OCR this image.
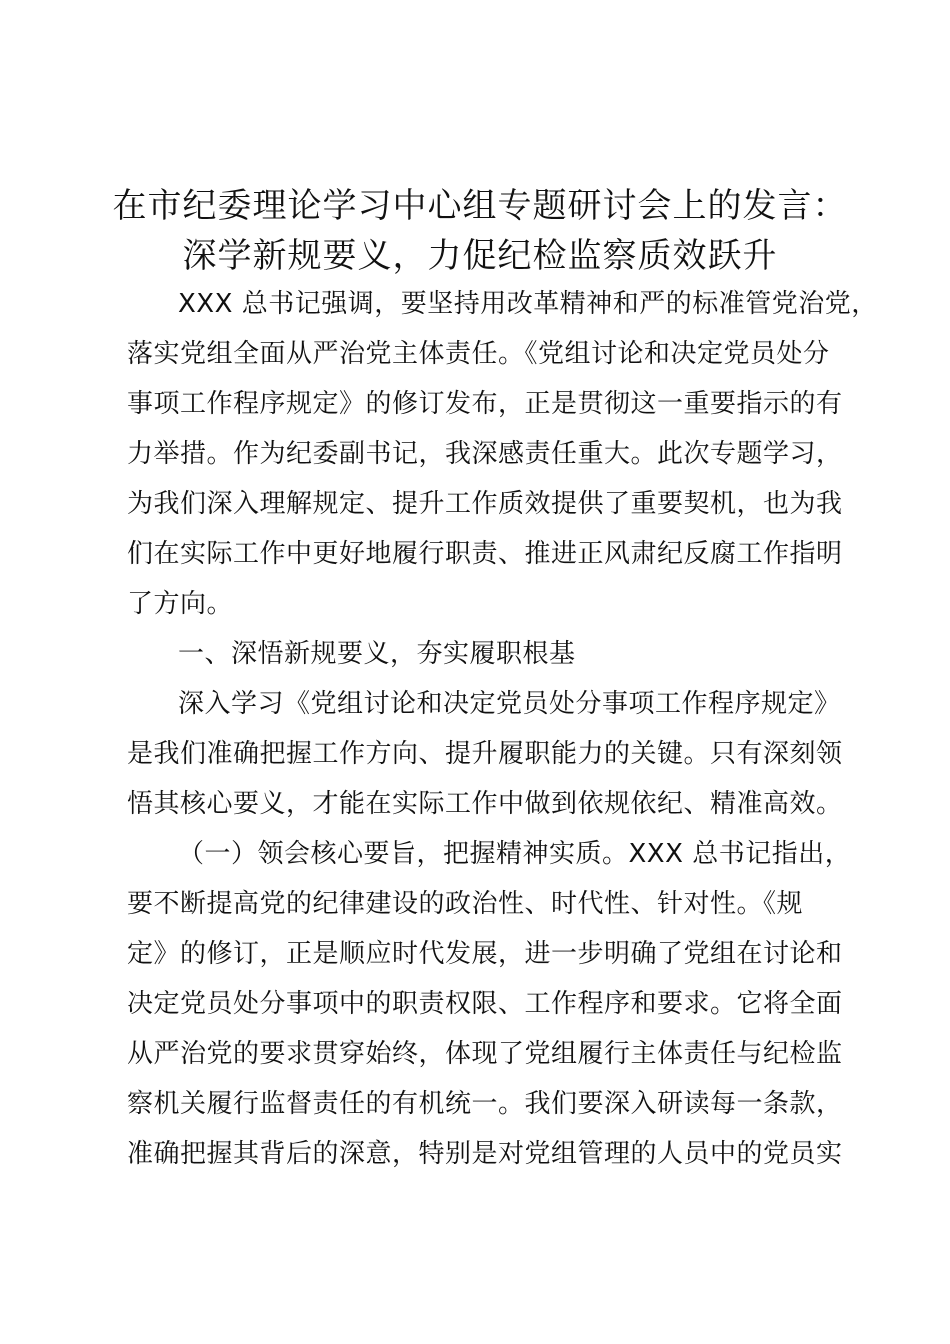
在市纪委理论学习中心组专题研讨会上的发言：
深学新规要义，力促纪检监察质效跃升
XXX 总书记强调，要坚持用改革精神和严的标准管党治党，
落实党组全面从严治党主体责任。《党组讨论和决定党员处分
事项工作程序规定》的修订发布，正是贯彻这一重要指示的有
力举措。作为纪委副书记，我深感责任重大。此次专题学习，
为我们深入理解规定、提升工作质效提供了重要契机，也为我
们在实际工作中更好地履行职责、推进正风肃纪反腐工作指明
了方向。
一、深悟新规要义，夯实履职根基
深入学习《党组讨论和决定党员处分事项工作程序规定》
是我们准确把握工作方向、提升履职能力的关键。只有深刻领
悟其核心要义，才能在实际工作中做到依规依纪、精准高效。
（一）领会核心要旨，把握精神实质。XXX 总书记指出，
要不断提高党的纪律建设的政治性、时代性、针对性。《规
定》的修订，正是顺应时代发展，进一步明确了党组在讨论和
决定党员处分事项中的职责权限、工作程序和要求。它将全面
从严治党的要求贯穿始终，体现了党组履行主体责任与纪检监
察机关履行监督责任的有机统一。我们要深入研读每一条款，
准确把握其背后的深意，特别是对党组管理的人员中的党员实
